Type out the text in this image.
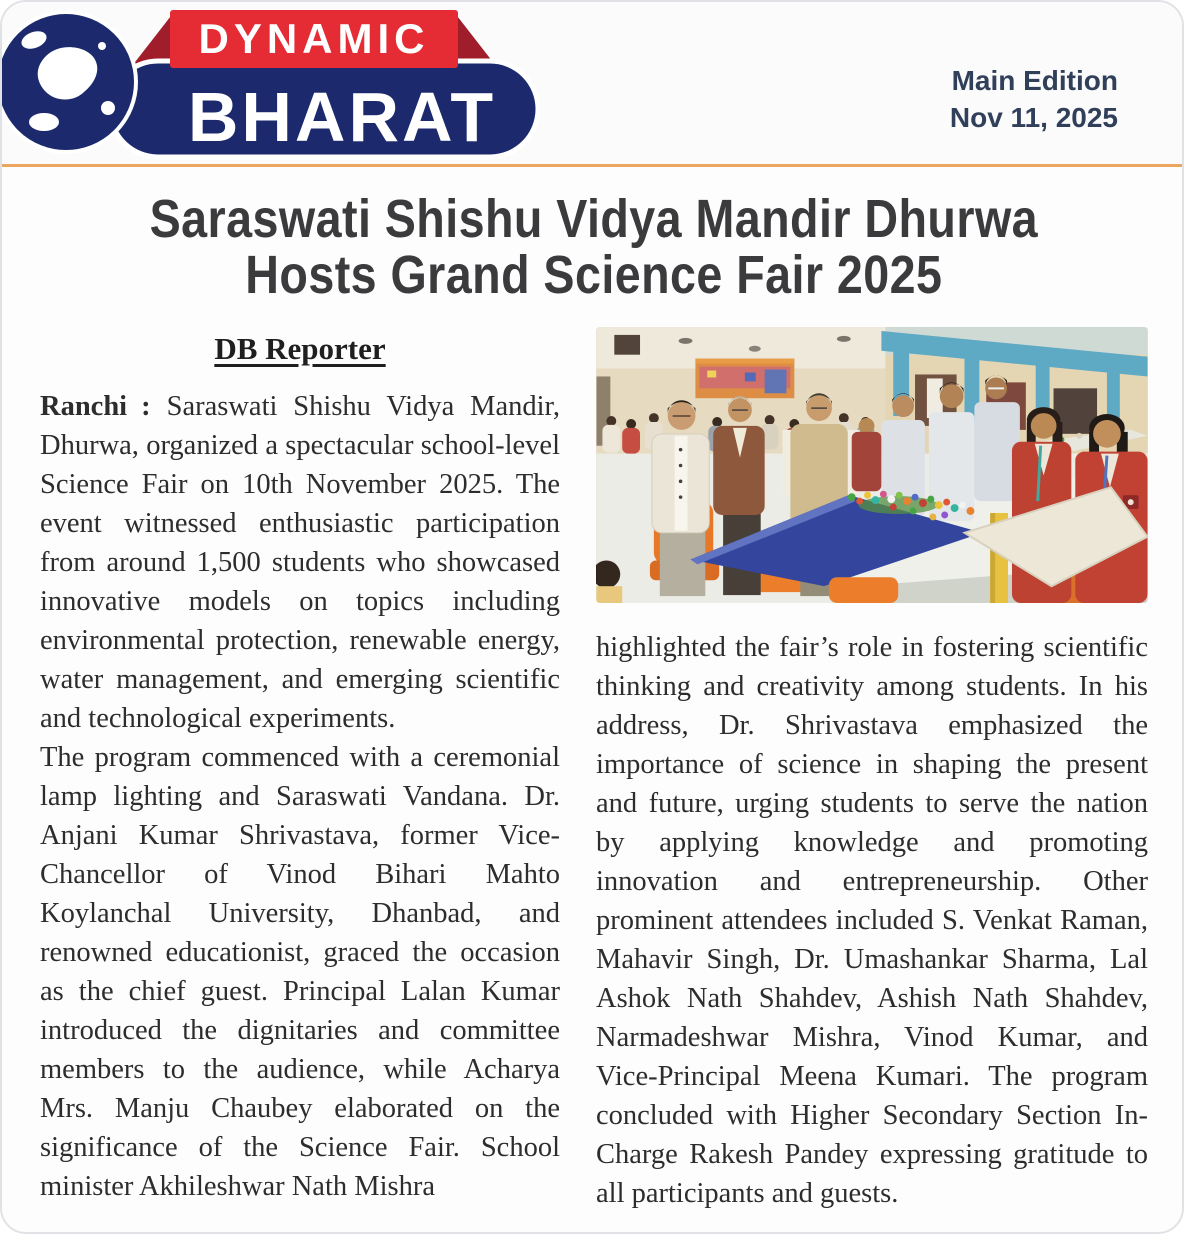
DYNAMIC
BHARAT	Main Edition
Nov 11, 2025
Saraswati Shishu Vidya Mandir Dhurwa
Hosts Grand Science Fair 2025
DB Reporter

Ranchi : Saraswati Shishu Vidya Mandir, Dhurwa, organized a spectacular school-level Science Fair on 10th November 2025. The event witnessed enthusiastic participation from around 1,500 students who showcased innovative models on topics including environmental protection, renewable energy, water management, and emerging scientific and technological experiments.

The program commenced with a ceremonial lamp lighting and Saraswati Vandana. Dr. Anjani Kumar Shrivastava, former Vice-Chancellor of Vinod Bihari Mahto Koylanchal University, Dhanbad, and renowned educationist, graced the occasion as the chief guest. Principal Lalan Kumar introduced the dignitaries and committee members to the audience, while Acharya Mrs. Manju Chaubey elaborated on the significance of the Science Fair. School minister Akhileshwar Nath Mishra

highlighted the fair’s role in fostering scientific thinking and creativity among students. In his address, Dr. Shrivastava emphasized the importance of science in shaping the present and future, urging students to serve the nation by applying knowledge and promoting innovation and entrepreneurship. Other prominent attendees included S. Venkat Raman, Mahavir Singh, Dr. Umashankar Sharma, Lal Ashok Nath Shahdev, Ashish Nath Shahdev, Narmadeshwar Mishra, Vinod Kumar, and Vice-Principal Meena Kumari. The program concluded with Higher Secondary Section In-Charge Rakesh Pandey expressing gratitude to all participants and guests.
